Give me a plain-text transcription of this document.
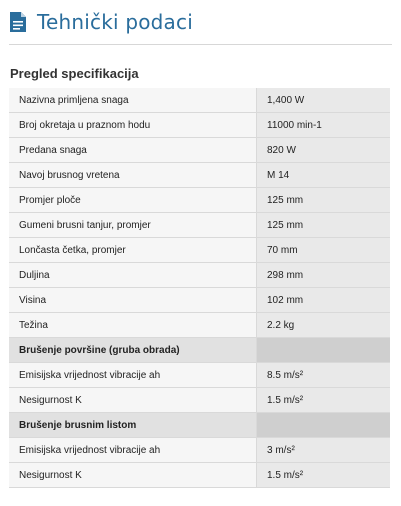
Tehnički podaci
Pregled specifikacija
Nazivna primljena snaga	1,400 W
Broj okretaja u praznom hodu	11000 min-1
Predana snaga	820 W
Navoj brusnog vretena	M 14
Promjer ploče	125 mm
Gumeni brusni tanjur, promjer	125 mm
Lončasta četka, promjer	70 mm
Duljina	298 mm
Visina	102 mm
Težina	2.2 kg
Brušenje površine (gruba obrada)	
Emisijska vrijednost vibracije ah	8.5 m/s²
Nesigurnost K	1.5 m/s²
Brušenje brusnim listom	
Emisijska vrijednost vibracije ah	3 m/s²
Nesigurnost K	1.5 m/s²
